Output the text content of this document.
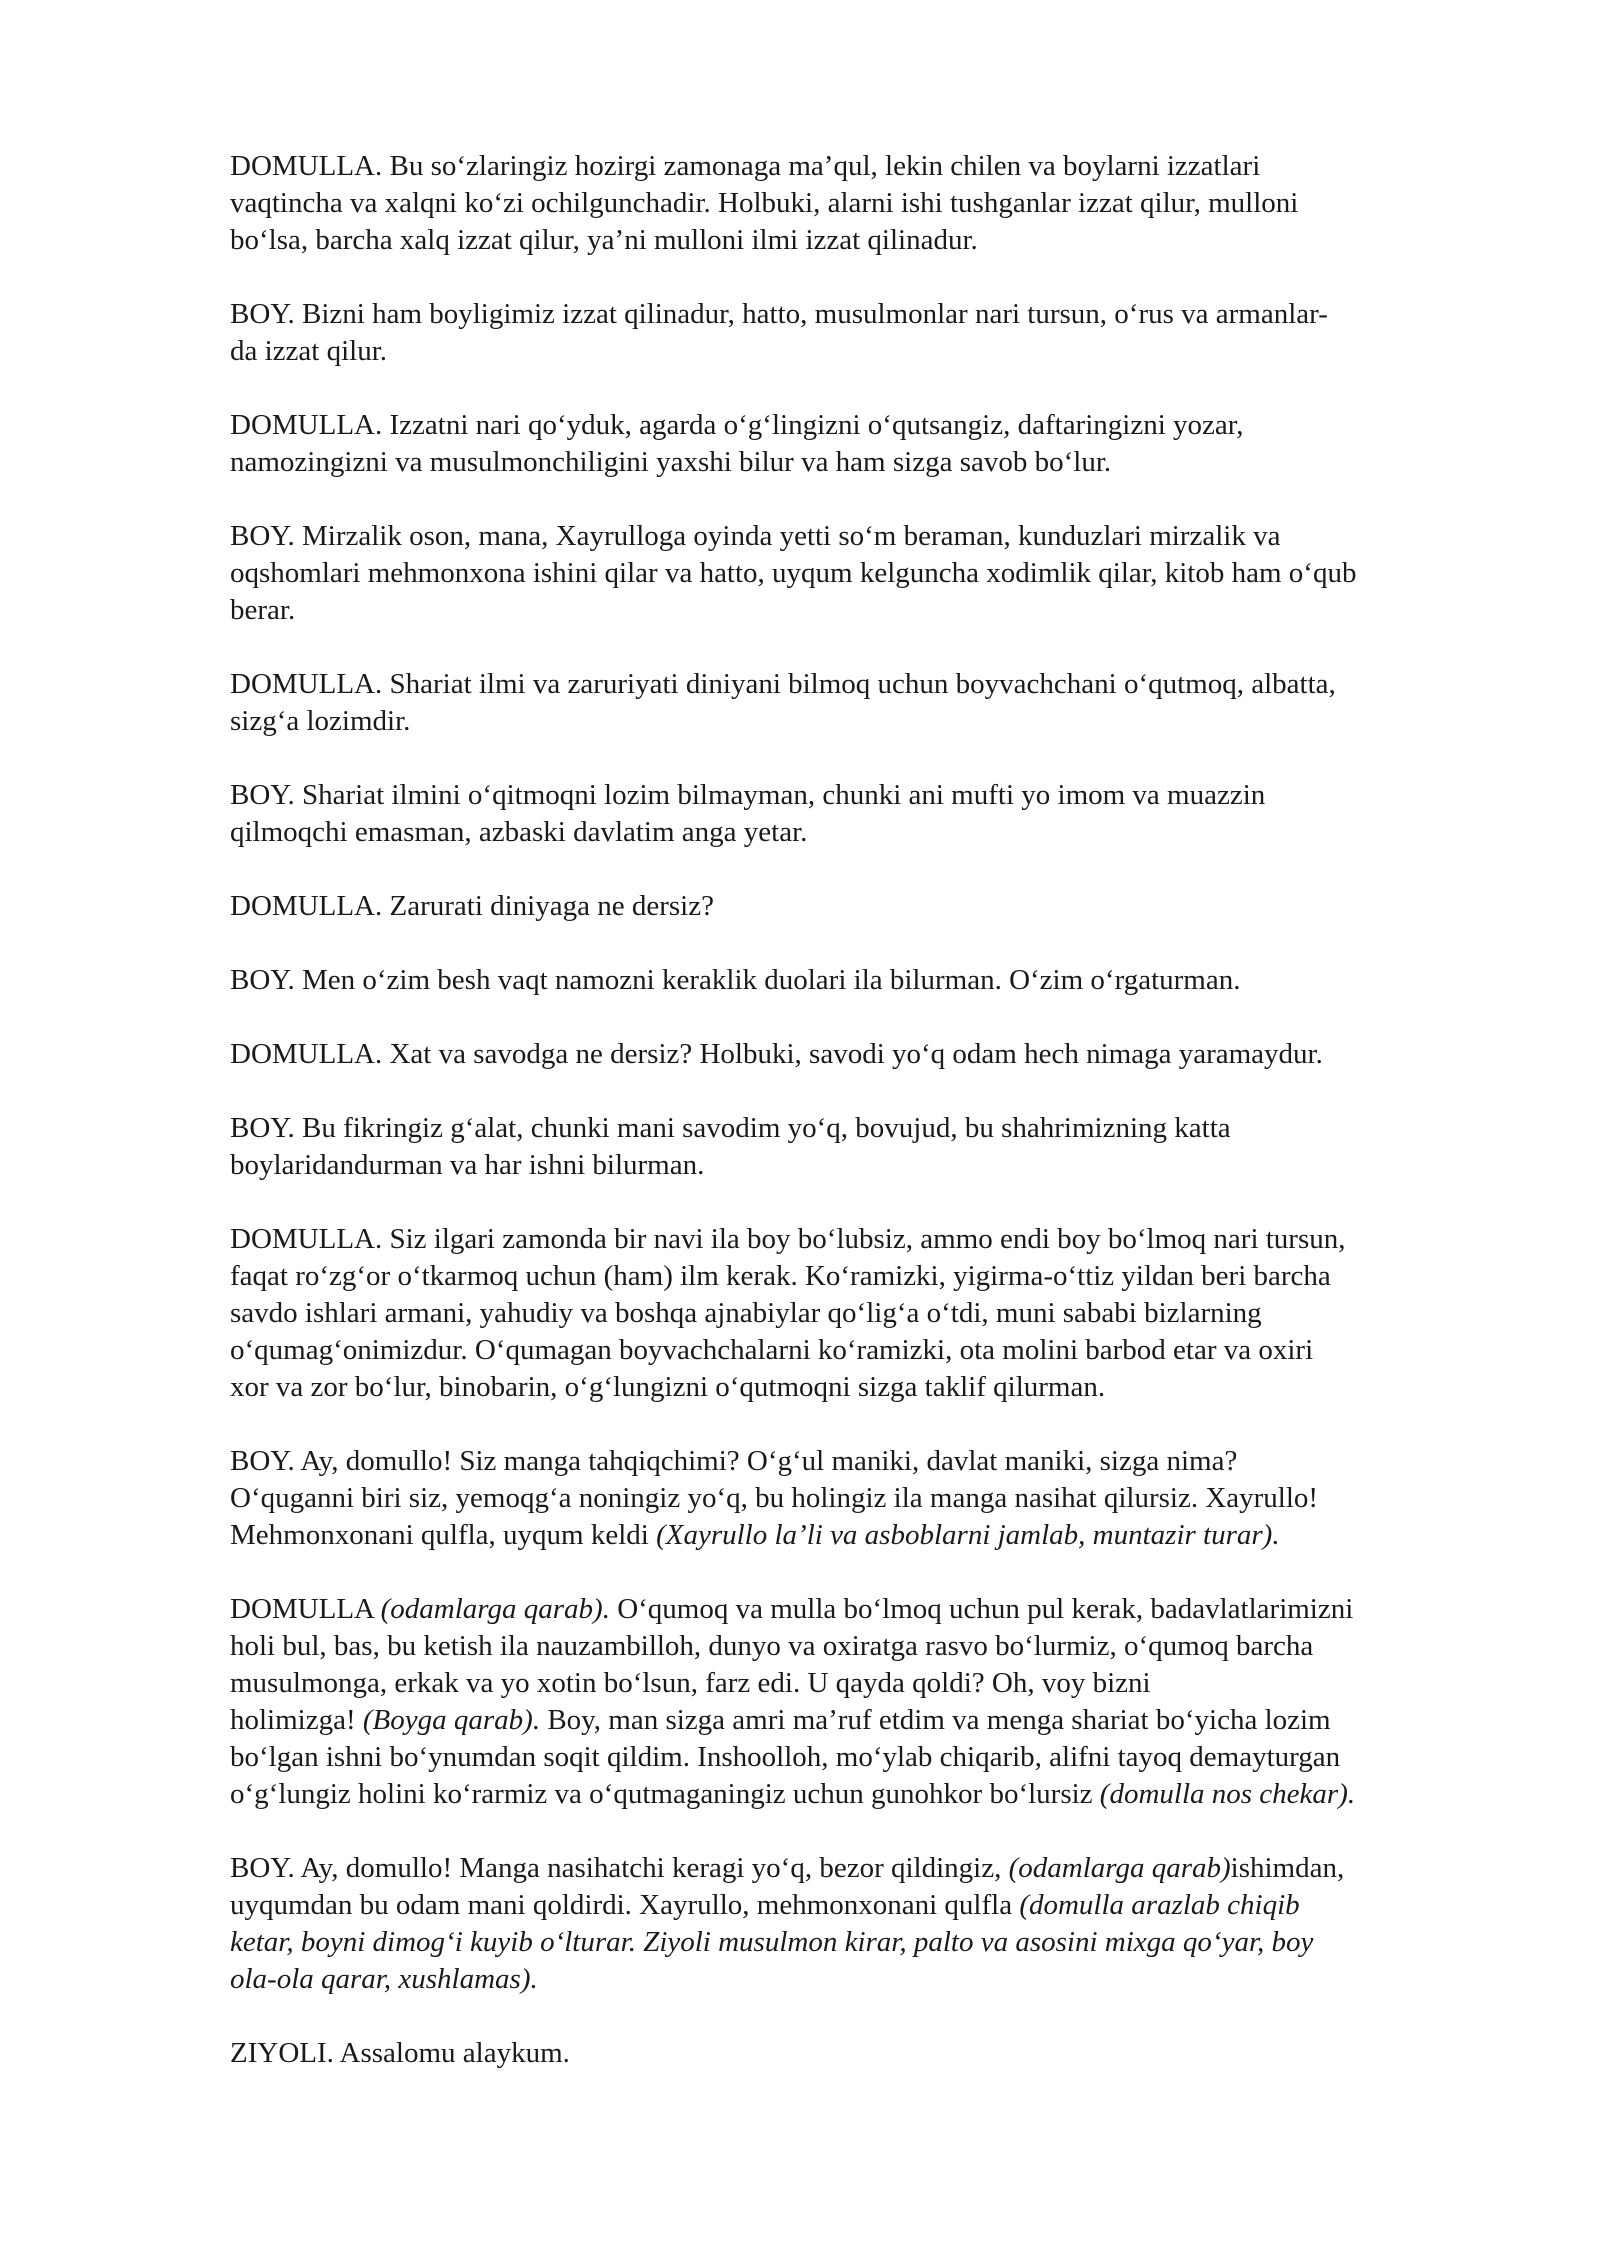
DOMULLA. Bu so‘zlaringiz hozirgi zamonaga ma’qul, lekin chilen va boylarni izzatlari
vaqtincha va xalqni ko‘zi ochilgunchadir. Holbuki, alarni ishi tushganlar izzat qilur, mulloni
bo‘lsa, barcha xalq izzat qilur, ya’ni mulloni ilmi izzat qilinadur.

BOY. Bizni ham boyligimiz izzat qilinadur, hatto, musulmonlar nari tursun, o‘rus va armanlar-
da izzat qilur.

DOMULLA. Izzatni nari qo‘yduk, agarda o‘g‘lingizni o‘qutsangiz, daftaringizni yozar,
namozingizni va musulmonchiligini yaxshi bilur va ham sizga savob bo‘lur.

BOY. Mirzalik oson, mana, Xayrulloga oyinda yetti so‘m beraman, kunduzlari mirzalik va
oqshomlari mehmonxona ishini qilar va hatto, uyqum kelguncha xodimlik qilar, kitob ham o‘qub
berar.

DOMULLA. Shariat ilmi va zaruriyati diniyani bilmoq uchun boyvachchani o‘qutmoq, albatta,
sizg‘a lozimdir.

BOY. Shariat ilmini o‘qitmoqni lozim bilmayman, chunki ani mufti yo imom va muazzin
qilmoqchi emasman, azbaski davlatim anga yetar.

DOMULLA. Zarurati diniyaga ne dersiz?

BOY. Men o‘zim besh vaqt namozni keraklik duolari ila bilurman. O‘zim o‘rgaturman.

DOMULLA. Xat va savodga ne dersiz? Holbuki, savodi yo‘q odam hech nimaga yaramaydur.

BOY. Bu fikringiz g‘alat, chunki mani savodim yo‘q, bovujud, bu shahrimizning katta
boylaridandurman va har ishni bilurman.

DOMULLA. Siz ilgari zamonda bir navi ila boy bo‘lubsiz, ammo endi boy bo‘lmoq nari tursun,
faqat ro‘zg‘or o‘tkarmoq uchun (ham) ilm kerak. Ko‘ramizki, yigirma-o‘ttiz yildan beri barcha
savdo ishlari armani, yahudiy va boshqa ajnabiylar qo‘lig‘a o‘tdi, muni sababi bizlarning
o‘qumag‘onimizdur. O‘qumagan boyvachchalarni ko‘ramizki, ota molini barbod etar va oxiri
xor va zor bo‘lur, binobarin, o‘g‘lungizni o‘qutmoqni sizga taklif qilurman.

BOY. Ay, domullo! Siz manga tahqiqchimi? O‘g‘ul maniki, davlat maniki, sizga nima?
O‘quganni biri siz, yemoqg‘a noningiz yo‘q, bu holingiz ila manga nasihat qilursiz. Xayrullo!
Mehmonxonani qulfla, uyqum keldi (Xayrullo la’li va asboblarni jamlab, muntazir turar).

DOMULLA (odamlarga qarab). O‘qumoq va mulla bo‘lmoq uchun pul kerak, badavlatlarimizni
holi bul, bas, bu ketish ila nauzambilloh, dunyo va oxiratga rasvo bo‘lurmiz, o‘qumoq barcha
musulmonga, erkak va yo xotin bo‘lsun, farz edi. U qayda qoldi? Oh, voy bizni
holimizga! (Boyga qarab). Boy, man sizga amri ma’ruf etdim va menga shariat bo‘yicha lozim
bo‘lgan ishni bo‘ynumdan soqit qildim. Inshoolloh, mo‘ylab chiqarib, alifni tayoq demayturgan
o‘g‘lungiz holini ko‘rarmiz va o‘qutmaganingiz uchun gunohkor bo‘lursiz (domulla nos chekar).

BOY. Ay, domullo! Manga nasihatchi keragi yo‘q, bezor qildingiz, (odamlarga qarab)ishimdan,
uyqumdan bu odam mani qoldirdi. Xayrullo, mehmonxonani qulfla (domulla arazlab chiqib
ketar, boyni dimog‘i kuyib o‘lturar. Ziyoli musulmon kirar, palto va asosini mixga qo‘yar, boy
ola-ola qarar, xushlamas).

ZIYOLI. Assalomu alaykum.
